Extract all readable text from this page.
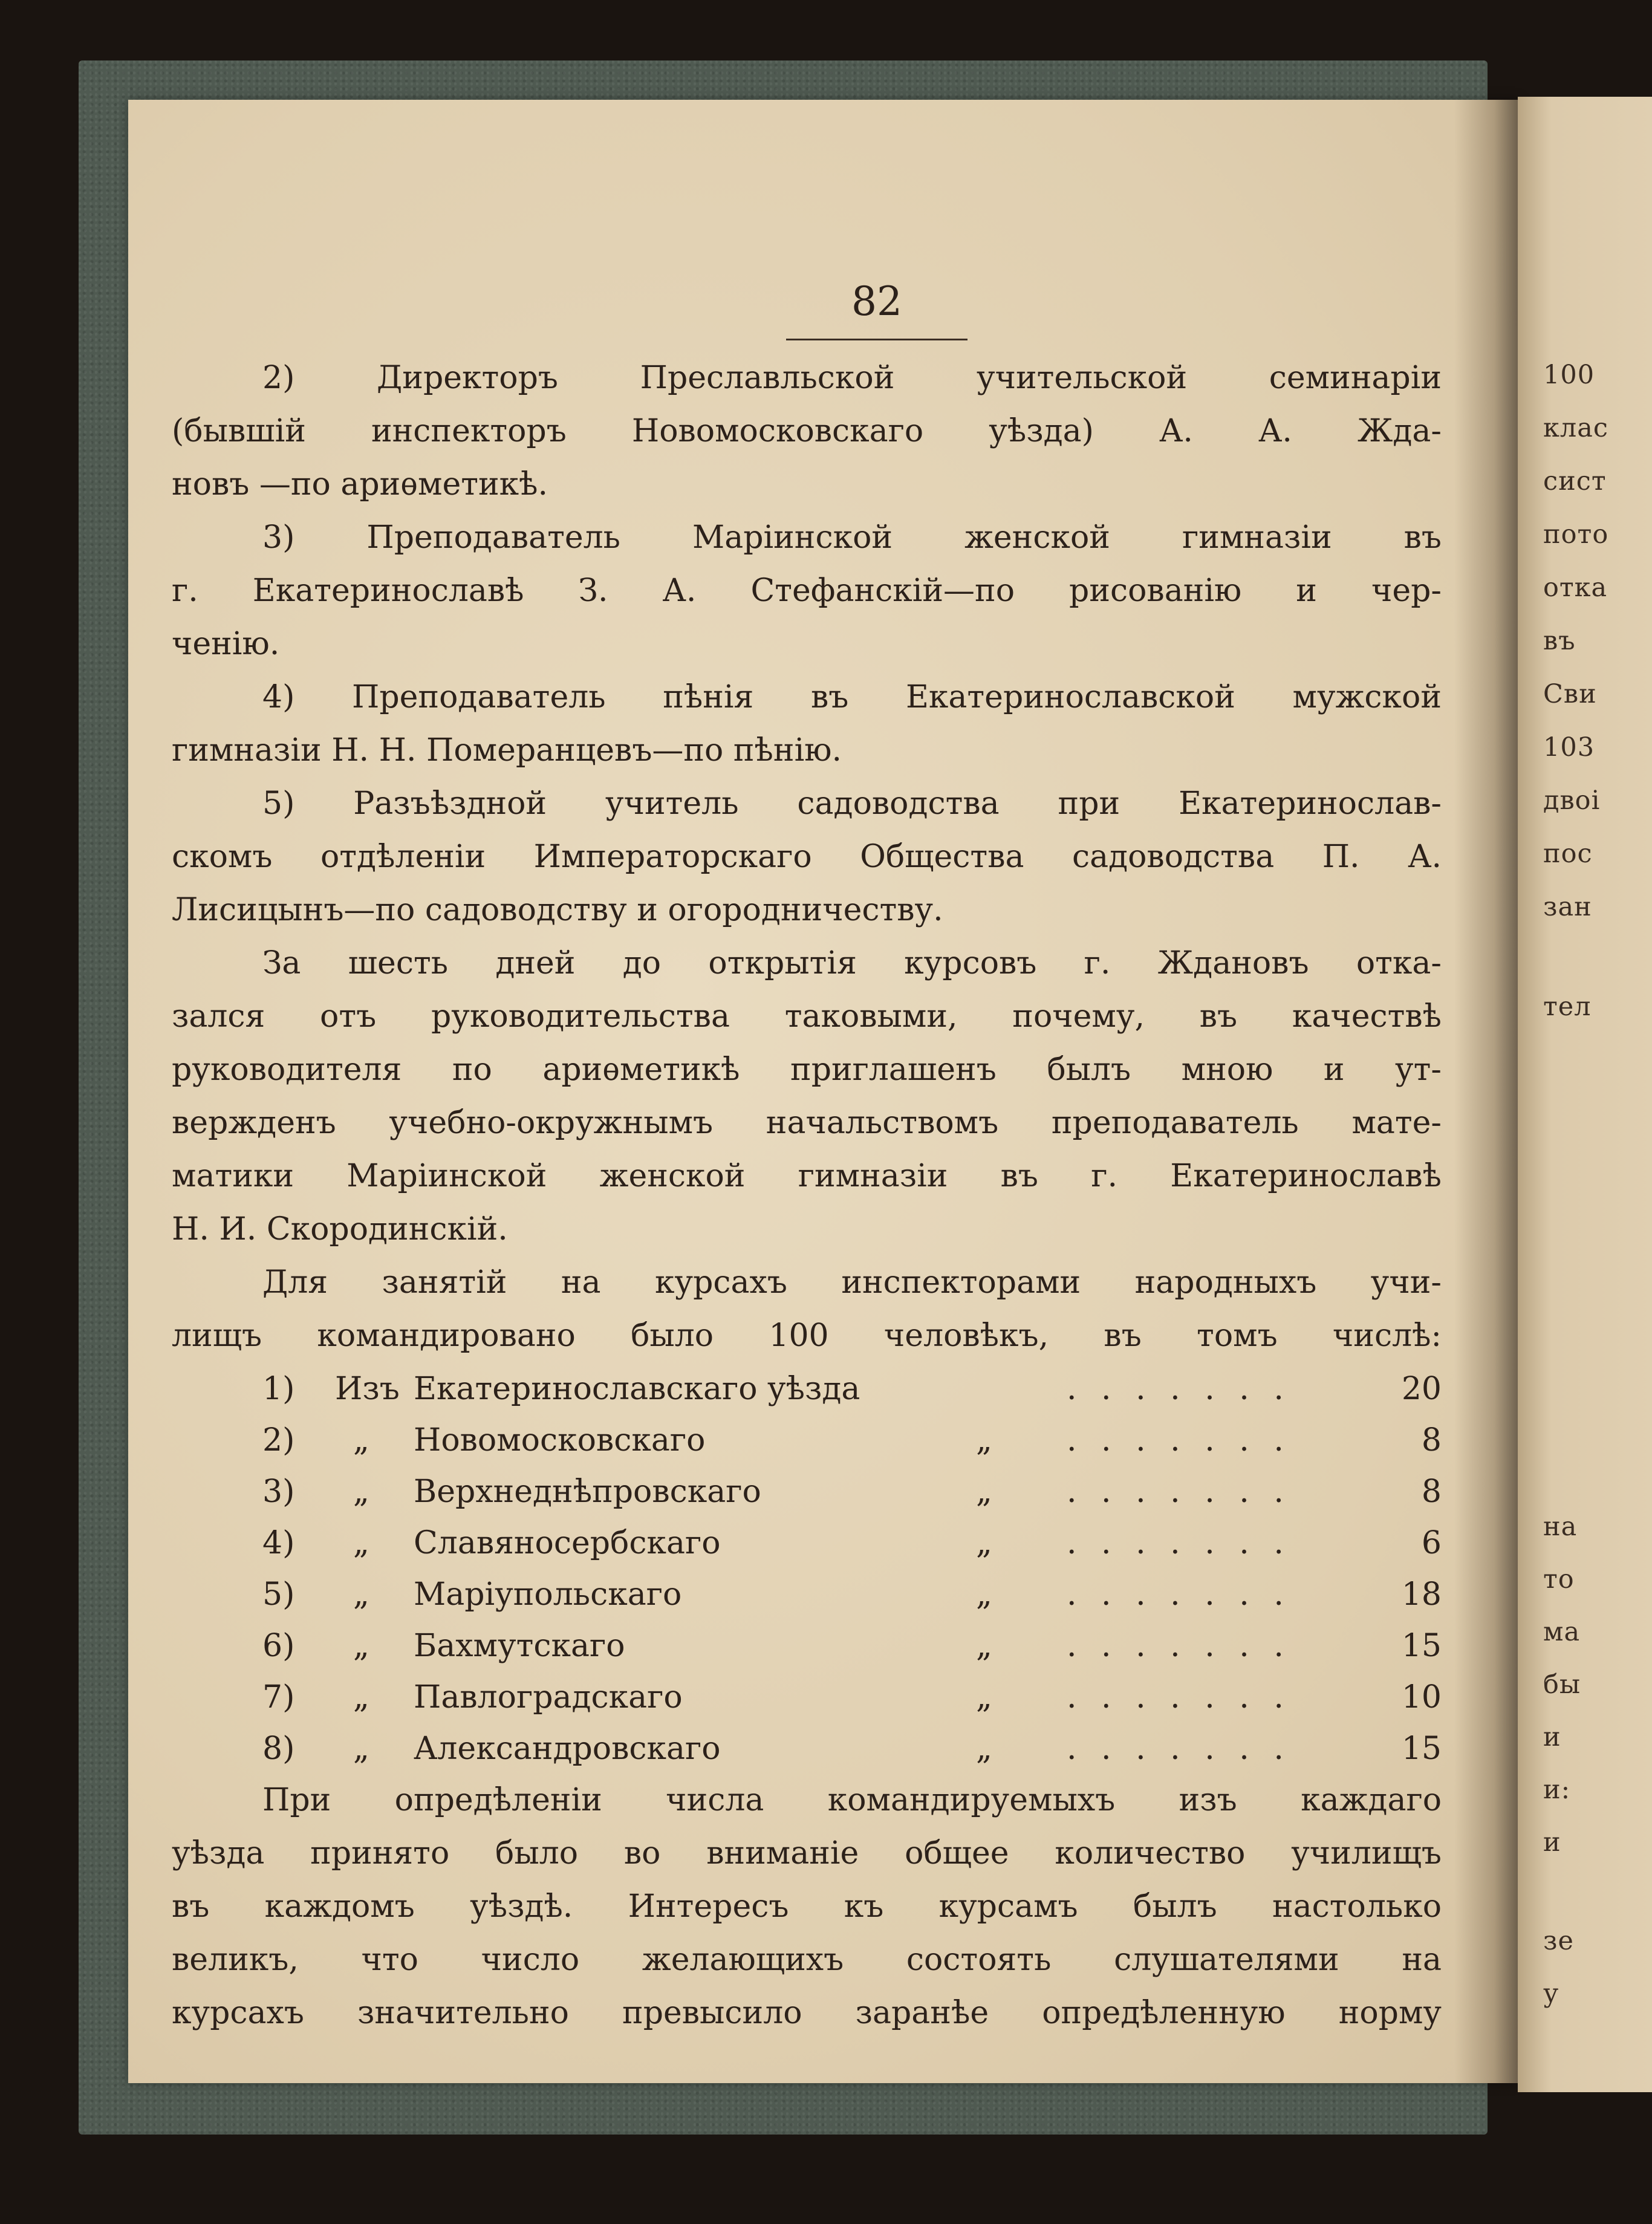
100
клас
сист
пото
отка
въ
Сви
103
двоі
пос
зан
тел
на
то
ма
бы
и
и:
и
зе
у
82
2) Директоръ Преславльской учительской семинаріи
(бывшій инспекторъ Новомосковскаго уѣзда) А. А. Жда-
новъ —по ариѳметикѣ.
3) Преподаватель Маріинской женской гимназіи въ
г. Екатеринославѣ З. А. Стефанскій—по рисованію и чер-
ченію.
4) Преподаватель пѣнія въ Екатеринославской мужской
гимназіи Н. Н. Померанцевъ—по пѣнію.
5) Разъѣздной учитель садоводства при Екатеринослав-
скомъ отдѣленіи Императорскаго Общества садоводства П. А.
Лисицынъ—по садоводству и огородничеству.
За шесть дней до открытія курсовъ г. Ждановъ отка-
зался отъ руководительства таковыми, почему, въ качествѣ
руководителя по ариѳметикѣ приглашенъ былъ мною и ут-
вержденъ учебно-окружнымъ начальствомъ преподаватель мате-
матики Маріинской женской гимназіи въ г. Екатеринославѣ
Н. И. Скородинскій.
Для занятій на курсахъ инспекторами народныхъ учи-
лищъ командировано было 100 человѣкъ, въ томъ числѣ:
1) Изъ Екатеринославскаго уѣзда	. . . . . . .	20
2) „ Новомосковскаго	„ . . . . . . .	8
3) „ Верхнеднѣпровскаго	„ . . . . . . .	8
4) „ Славяносербскаго	„ . . . . . . .	6
5) „ Маріупольскаго	„ . . . . . . .	18
6) „ Бахмутскаго	„ . . . . . . .	15
7) „ Павлоградскаго	„ . . . . . . .	10
8) „ Александровскаго	„ . . . . . . .	15
При опредѣленіи числа командируемыхъ изъ каждаго
уѣзда принято было во вниманіе общее количество училищъ
въ каждомъ уѣздѣ. Интересъ къ курсамъ былъ настолько
великъ, что число желающихъ состоять слушателями на
курсахъ значительно превысило заранѣе опредѣленную норму
